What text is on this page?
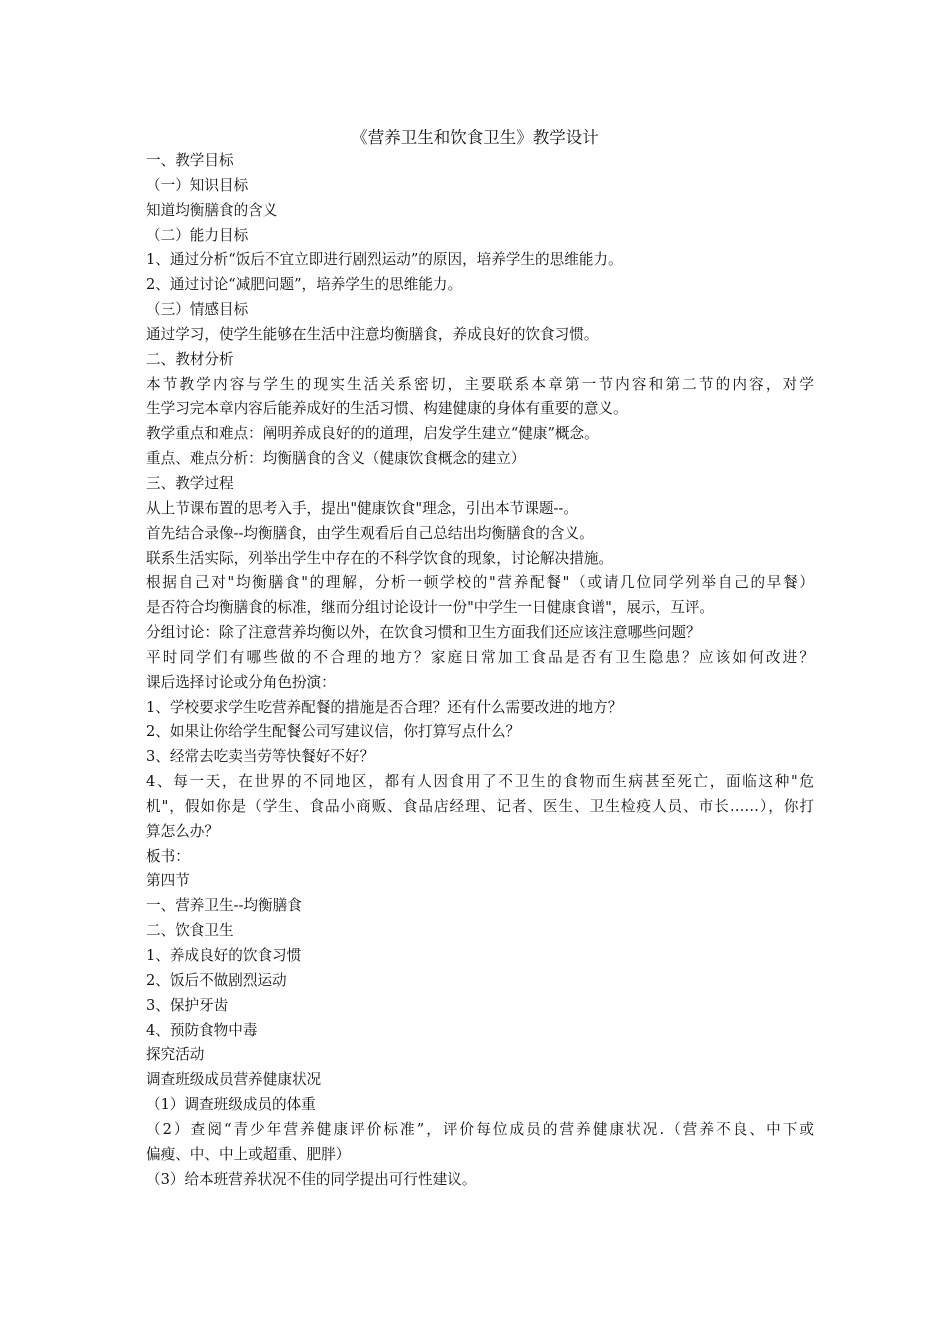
《营养卫生和饮食卫生》教学设计
一、教学目标
（一）知识目标
知道均衡膳食的含义
（二）能力目标
1、通过分析“饭后不宜立即进行剧烈运动”的原因，培养学生的思维能力。
2、通过讨论“减肥问题”，培养学生的思维能力。
（三）情感目标
通过学习，使学生能够在生活中注意均衡膳食，养成良好的饮食习惯。
二、教材分析
本节教学内容与学生的现实生活关系密切，主要联系本章第一节内容和第二节的内容，对学
生学习完本章内容后能养成好的生活习惯、构建健康的身体有重要的意义。
教学重点和难点：阐明养成良好的的道理，启发学生建立“健康”概念。
重点、难点分析：均衡膳食的含义（健康饮食概念的建立）
三、教学过程
从上节课布置的思考入手，提出"健康饮食"理念，引出本节课题--。
首先结合录像--均衡膳食，由学生观看后自己总结出均衡膳食的含义。
联系生活实际，列举出学生中存在的不科学饮食的现象，讨论解决措施。
根据自己对"均衡膳食"的理解，分析一顿学校的"营养配餐"（或请几位同学列举自己的早餐）
是否符合均衡膳食的标准，继而分组讨论设计一份"中学生一日健康食谱"，展示，互评。
分组讨论：除了注意营养均衡以外，在饮食习惯和卫生方面我们还应该注意哪些问题？
平时同学们有哪些做的不合理的地方？家庭日常加工食品是否有卫生隐患？应该如何改进？
课后选择讨论或分角色扮演：
1、学校要求学生吃营养配餐的措施是否合理？还有什么需要改进的地方？
2、如果让你给学生配餐公司写建议信，你打算写点什么？
3、经常去吃卖当劳等快餐好不好？
4、每一天，在世界的不同地区，都有人因食用了不卫生的食物而生病甚至死亡，面临这种"危
机"，假如你是（学生、食品小商贩、食品店经理、记者、医生、卫生检疫人员、市长……），你打
算怎么办？
板书：
第四节
一、营养卫生--均衡膳食
二、饮食卫生
1、养成良好的饮食习惯
2、饭后不做剧烈运动
3、保护牙齿
4、预防食物中毒
探究活动
调查班级成员营养健康状况
（1）调查班级成员的体重
（2）查阅“青少年营养健康评价标准”，评价每位成员的营养健康状况.（营养不良、中下或
偏瘦、中、中上或超重、肥胖）
（3）给本班营养状况不佳的同学提出可行性建议。
